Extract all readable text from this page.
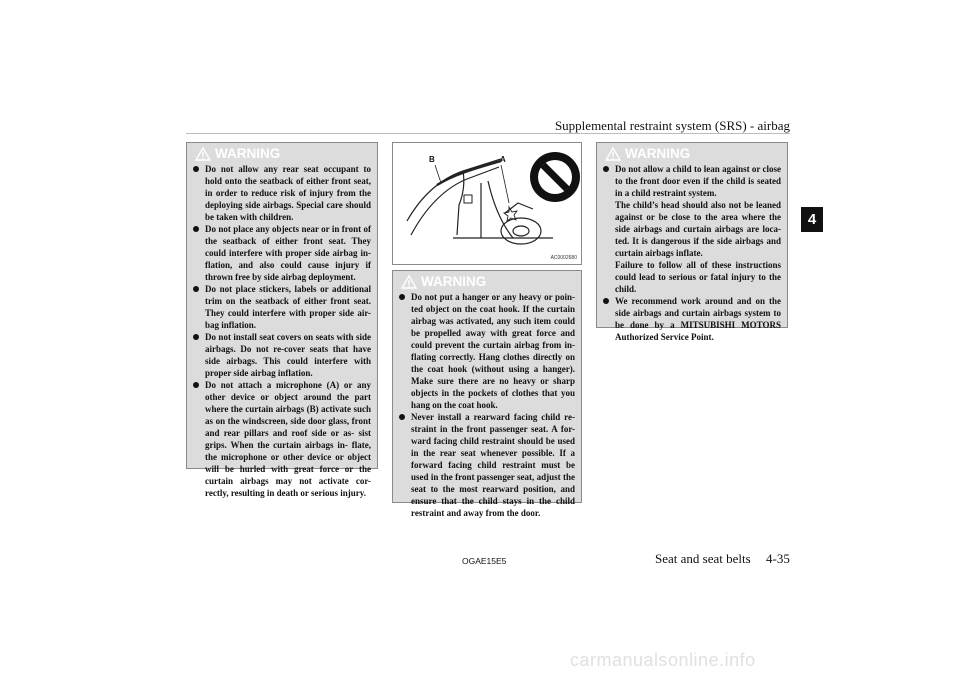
Supplemental restraint system (SRS) - airbag
4
WARNING
Do not allow any rear seat occupant to hold onto the seatback of either front seat, in order to reduce risk of injury from the deploying side airbags. Special care should be taken with children.
Do not place any objects near or in front of the seatback of either front seat. They could interfere with proper side airbag in- flation, and also could cause injury if thrown free by side airbag deployment.
Do not place stickers, labels or additional trim on the seatback of either front seat. They could interfere with proper side air- bag inflation.
Do not install seat covers on seats with side airbags. Do not re-cover seats that have side airbags. This could interfere with proper side airbag inflation.
Do not attach a microphone (A) or any other device or object around the part where the curtain airbags (B) activate such as on the windscreen, side door glass, front and rear pillars and roof side or as- sist grips. When the curtain airbags in- flate, the microphone or other device or object will be hurled with great force or the curtain airbags may not activate cor- rectly, resulting in death or serious injury.
B	A
AC0002680
WARNING
Do not put a hanger or any heavy or poin- ted object on the coat hook. If the curtain airbag was activated, any such item could be propelled away with great force and could prevent the curtain airbag from in- flating correctly. Hang clothes directly on the coat hook (without using a hanger). Make sure there are no heavy or sharp objects in the pockets of clothes that you hang on the coat hook.
Never install a rearward facing child re- straint in the front passenger seat. A for- ward facing child restraint should be used in the rear seat whenever possible. If a forward facing child restraint must be used in the front passenger seat, adjust the seat to the most rearward position, and ensure that the child stays in the child restraint and away from the door.
WARNING
Do not allow a child to lean against or close to the front door even if the child is seated in a child restraint system.
The child’s head should also not be leaned against or be close to the area where the side airbags and curtain airbags are loca- ted. It is dangerous if the side airbags and curtain airbags inflate.
Failure to follow all of these instructions could lead to serious or fatal injury to the child.
We recommend work around and on the side airbags and curtain airbags system to be done by a MITSUBISHI MOTORS Authorized Service Point.
OGAE15E5	Seat and seat belts 4-35
carmanualsonline.info
